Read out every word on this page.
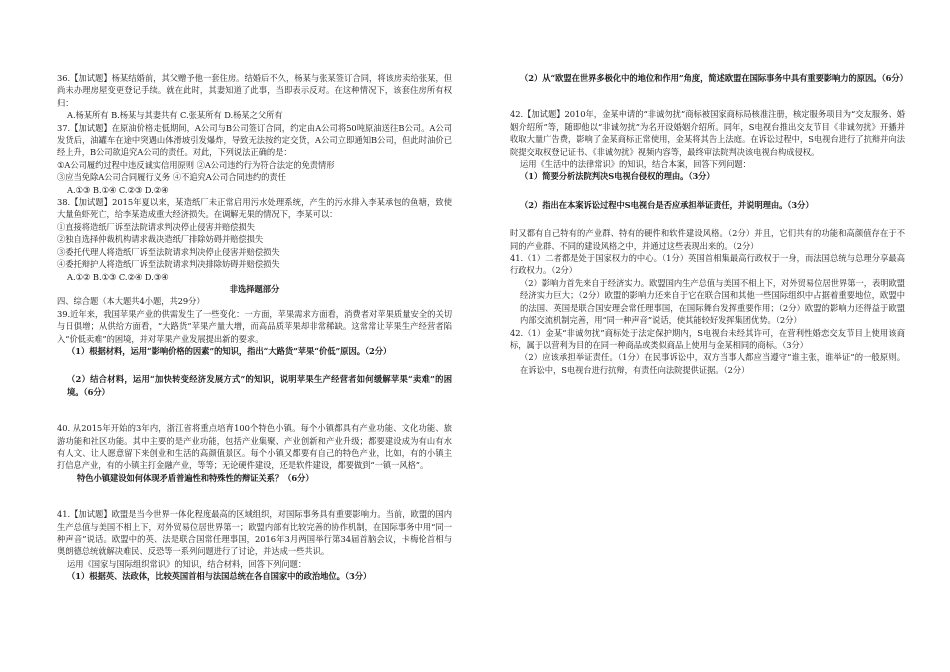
36.【加试题】杨某结婚前，其父赠予他一套住房。结婚后不久，杨某与张某签订合同，将该房卖给张某，但尚未办理房屋变更登记手续。就在此时，其妻知道了此事，当即表示反对。在这种情况下，该套住房所有权归：
A.杨某所有 B.杨某与其妻共有 C.张某所有 D.杨某之父所有
37.【加试题】在原油价格走低期间，A公司与B公司签订合同，约定由A公司将50吨原油送往B公司。A公司发货后，油罐车在途中突遇山体滑坡引发爆炸，导致无法按约定交货，A公司立即通知B公司，但此时油价已经上升，B公司欲追究A公司的责任。对此，下列说法正确的是：
①A公司履约过程中违反诚实信用原则 ②A公司违约行为符合法定的免责情形
③应当免除A公司合同履行义务 ④不追究A公司合同违约的责任
A.①③ B.①④ C.②③ D.②④
38.【加试题】2015年夏以来，某造纸厂未正常启用污水处理系统，产生的污水排入李某承包的鱼塘，致使大量鱼虾死亡，给李某造成重大经济损失。在调解无果的情况下，李某可以：
①直接将造纸厂诉至法院请求判决停止侵害并赔偿损失
②独自选择仲裁机构请求裁决造纸厂排除妨碍并赔偿损失
③委托代理人将造纸厂诉至法院请求判决停止侵害并赔偿损失
④委托辩护人将造纸厂诉至法院请求判决排除妨碍并赔偿损失
A.①② B.①③ C.②④ D.③④
非选择题部分
四、综合题（本大题共4小题，共29分）
39.近年来，我国苹果产业的供需发生了一些变化：一方面，苹果需求方面看，消费者对苹果质量安全的关切与日俱增；从供给方面看，“大路货”苹果产量大增，而高品质苹果却非常稀缺。这常常让苹果生产经营者陷入“价低卖难”的困境，并对苹果产业发展提出新的要求。
（1）根据材料，运用“影响价格的因素”的知识，指出“大路货”苹果“价低”原因。（2分）
（2）结合材料，运用“加快转变经济发展方式”的知识，说明苹果生产经营者如何缓解苹果“卖难”的困境。（6分）
40. 从2015年开始的3年内，浙江省将重点培育100个特色小镇。每个小镇都具有产业功能、文化功能、旅游功能和社区功能。其中主要的是产业功能，包括产业集聚、产业创新和产业升级；都要建设成为有山有水有人文、让人愿意留下来创业和生活的高颜值景区。每个小镇又都要有自己的特色产业，比如，有的小镇主打信息产业，有的小镇主打金融产业，等等；无论硬件建设，还是软件建设，都要做到“一镇一风格”。
特色小镇建设如何体现矛盾普遍性和特殊性的辩证关系？（6分）
41.【加试题】欧盟是当今世界一体化程度最高的区域组织，对国际事务具有重要影响力。当前，欧盟的国内生产总值与美国不相上下，对外贸易位居世界第一；欧盟内部有比较完善的协作机制，在国际事务中用“同一种声音”说话。欧盟中的英、法是联合国常任理事国，2016年3月两国举行第34届首脑会议，卡梅伦首相与奥朗德总统就解决难民、反恐等一系列问题进行了讨论，并达成一些共识。
运用《国家与国际组织常识》的知识，结合材料，回答下列问题：
（1）根据英、法政体，比较英国首相与法国总统在各自国家中的政治地位。（3分）
（2）从“欧盟在世界多极化中的地位和作用”角度，简述欧盟在国际事务中具有重要影响力的原因。（6分）
42.【加试题】2010年，金某申请的“非诚勿扰”商标被国家商标局核准注册，核定服务项目为“交友服务、婚姻介绍所”等，随即他以“非诚勿扰”为名开设婚姻介绍所。同年，S电视台推出交友节目《非诚勿扰》开播并收取大量广告费，影响了金某商标正常使用，金某将其告上法庭。在诉讼过程中，S电视台进行了抗辩并向法院提交取权登记证书、《非诚勿扰》视频内容等，最终审法院判决该电视台构成侵权。
运用《生活中的法律常识》的知识，结合本案，回答下列问题：
（1）简要分析法院判决S电视台侵权的理由。（3分）
（2）指出在本案诉讼过程中S电视台是否应承担举证责任，并说明理由。（3分）
时又都有自己特有的产业群、特有的硬件和软件建设风格。（2分）并且，它们共有的功能和高颜值存在于不同的产业群、不同的建设风格之中，并通过这些表现出来的。（2分）
41.（1）二者都是处于国家权力的中心。（1分）英国首相集最高行政权于一身，而法国总统与总理分享最高行政权力。（2分）
（2）影响力首先来自于经济实力。欧盟国内生产总值与美国不相上下，对外贸易位居世界第一，表明欧盟经济实力巨大；（2分）欧盟的影响力还来自于它在联合国和其他一些国际组织中占据着重要地位，欧盟中的法国、英国是联合国安理会常任理事国，在国际舞台发挥重要作用；（2分）欧盟的影响力还得益于欧盟内部交流机制完善，用“同一种声音”说话，使其能较好发挥集团优势。（2分）
42.（1）金某“非诚勿扰”商标处于法定保护期内，S电视台未经其许可，在营利性婚恋交友节目上使用该商标，属于以营利为目的在同一种商品或类似商品上使用与金某相同的商标。（3分）
（2）应该承担举证责任。（1分）在民事诉讼中，双方当事人都应当遵守“谁主张，谁举证”的一般原则。在诉讼中，S电视台进行抗辩，有责任向法院提供证据。（2分）
